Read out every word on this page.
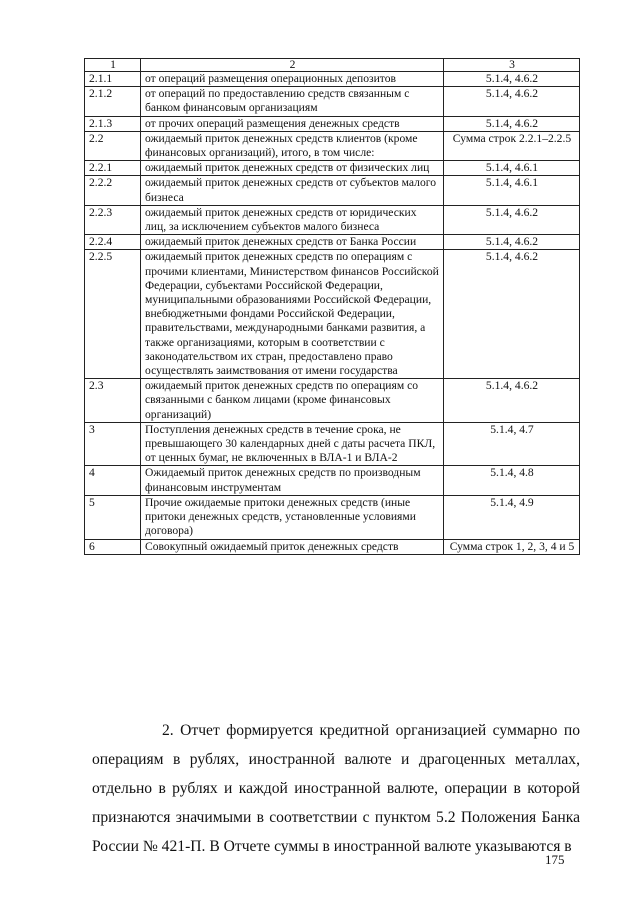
1	2	3
2.1.1	от операций размещения операционных депозитов	5.1.4, 4.6.2
2.1.2	от операций по предоставлению средств связанным с банком финансовым организациям	5.1.4, 4.6.2
2.1.3	от прочих операций размещения денежных средств	5.1.4, 4.6.2
2.2	ожидаемый приток денежных средств клиентов (кроме финансовых организаций), итого, в том числе:	Сумма строк 2.2.1–2.2.5
2.2.1	ожидаемый приток денежных средств от физических лиц	5.1.4, 4.6.1
2.2.2	ожидаемый приток денежных средств от субъектов малого бизнеса	5.1.4, 4.6.1
2.2.3	ожидаемый приток денежных средств от юридических лиц, за исключением субъектов малого бизнеса	5.1.4, 4.6.2
2.2.4	ожидаемый приток денежных средств от Банка России	5.1.4, 4.6.2
2.2.5	ожидаемый приток денежных средств по операциям с прочими клиентами, Министерством финансов Российской Федерации, субъектами Российской Федерации, муниципальными образованиями Российской Федерации, внебюджетными фондами Российской Федерации, правительствами, международными банками развития, а также организациями, которым в соответствии с законодательством их стран, предоставлено право осуществлять заимствования от имени государства	5.1.4, 4.6.2
2.3	ожидаемый приток денежных средств по операциям со связанными с банком лицами (кроме финансовых организаций)	5.1.4, 4.6.2
3	Поступления денежных средств в течение срока, не превышающего 30 календарных дней с даты расчета ПКЛ, от ценных бумаг, не включенных в ВЛА-1 и ВЛА-2	5.1.4, 4.7
4	Ожидаемый приток денежных средств по производным финансовым инструментам	5.1.4, 4.8
5	Прочие ожидаемые притоки денежных средств (иные притоки денежных средств, установленные условиями договора)	5.1.4, 4.9
6	Совокупный ожидаемый приток денежных средств	Сумма строк 1, 2, 3, 4 и 5

2. Отчет формируется кредитной организацией суммарно по операциям в рублях, иностранной валюте и драгоценных металлах, отдельно в рублях и каждой иностранной валюте, операции в которой признаются значимыми в соответствии с пунктом 5.2 Положения Банка России № 421-П. В Отчете суммы в иностранной валюте указываются в

175
